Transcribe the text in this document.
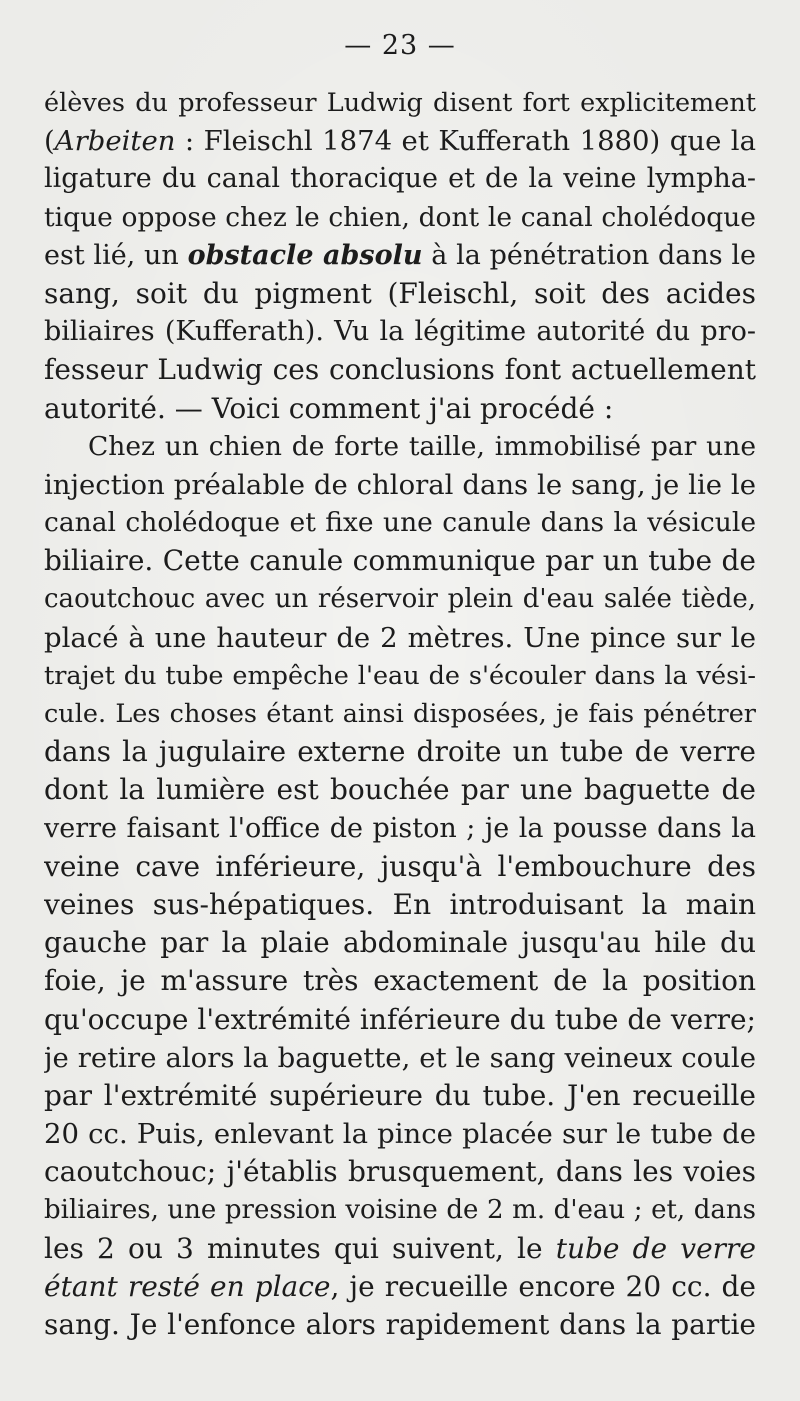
— 23 —
élèves du professeur Ludwig disent fort explicitement
(Arbeiten : Fleischl 1874 et Kufferath 1880) que la
ligature du canal thoracique et de la veine lympha-
tique oppose chez le chien, dont le canal cholédoque
est lié, un obstacle absolu à la pénétration dans le
sang, soit du pigment (Fleischl, soit des acides
biliaires (Kufferath). Vu la légitime autorité du pro-
fesseur Ludwig ces conclusions font actuellement
autorité. — Voici comment j'ai procédé :
Chez un chien de forte taille, immobilisé par une
injection préalable de chloral dans le sang, je lie le
canal cholédoque et fixe une canule dans la vésicule
biliaire. Cette canule communique par un tube de
caoutchouc avec un réservoir plein d'eau salée tiède,
placé à une hauteur de 2 mètres. Une pince sur le
trajet du tube empêche l'eau de s'écouler dans la vési-
cule. Les choses étant ainsi disposées, je fais pénétrer
dans la jugulaire externe droite un tube de verre
dont la lumière est bouchée par une baguette de
verre faisant l'office de piston ; je la pousse dans la
veine cave inférieure, jusqu'à l'embouchure des
veines sus-hépatiques. En introduisant la main
gauche par la plaie abdominale jusqu'au hile du
foie, je m'assure très exactement de la position
qu'occupe l'extrémité inférieure du tube de verre;
je retire alors la baguette, et le sang veineux coule
par l'extrémité supérieure du tube. J'en recueille
20 cc. Puis, enlevant la pince placée sur le tube de
caoutchouc; j'établis brusquement, dans les voies
biliaires, une pression voisine de 2 m. d'eau ; et, dans
les 2 ou 3 minutes qui suivent, le tube de verre
étant resté en place, je recueille encore 20 cc. de
sang. Je l'enfonce alors rapidement dans la partie
